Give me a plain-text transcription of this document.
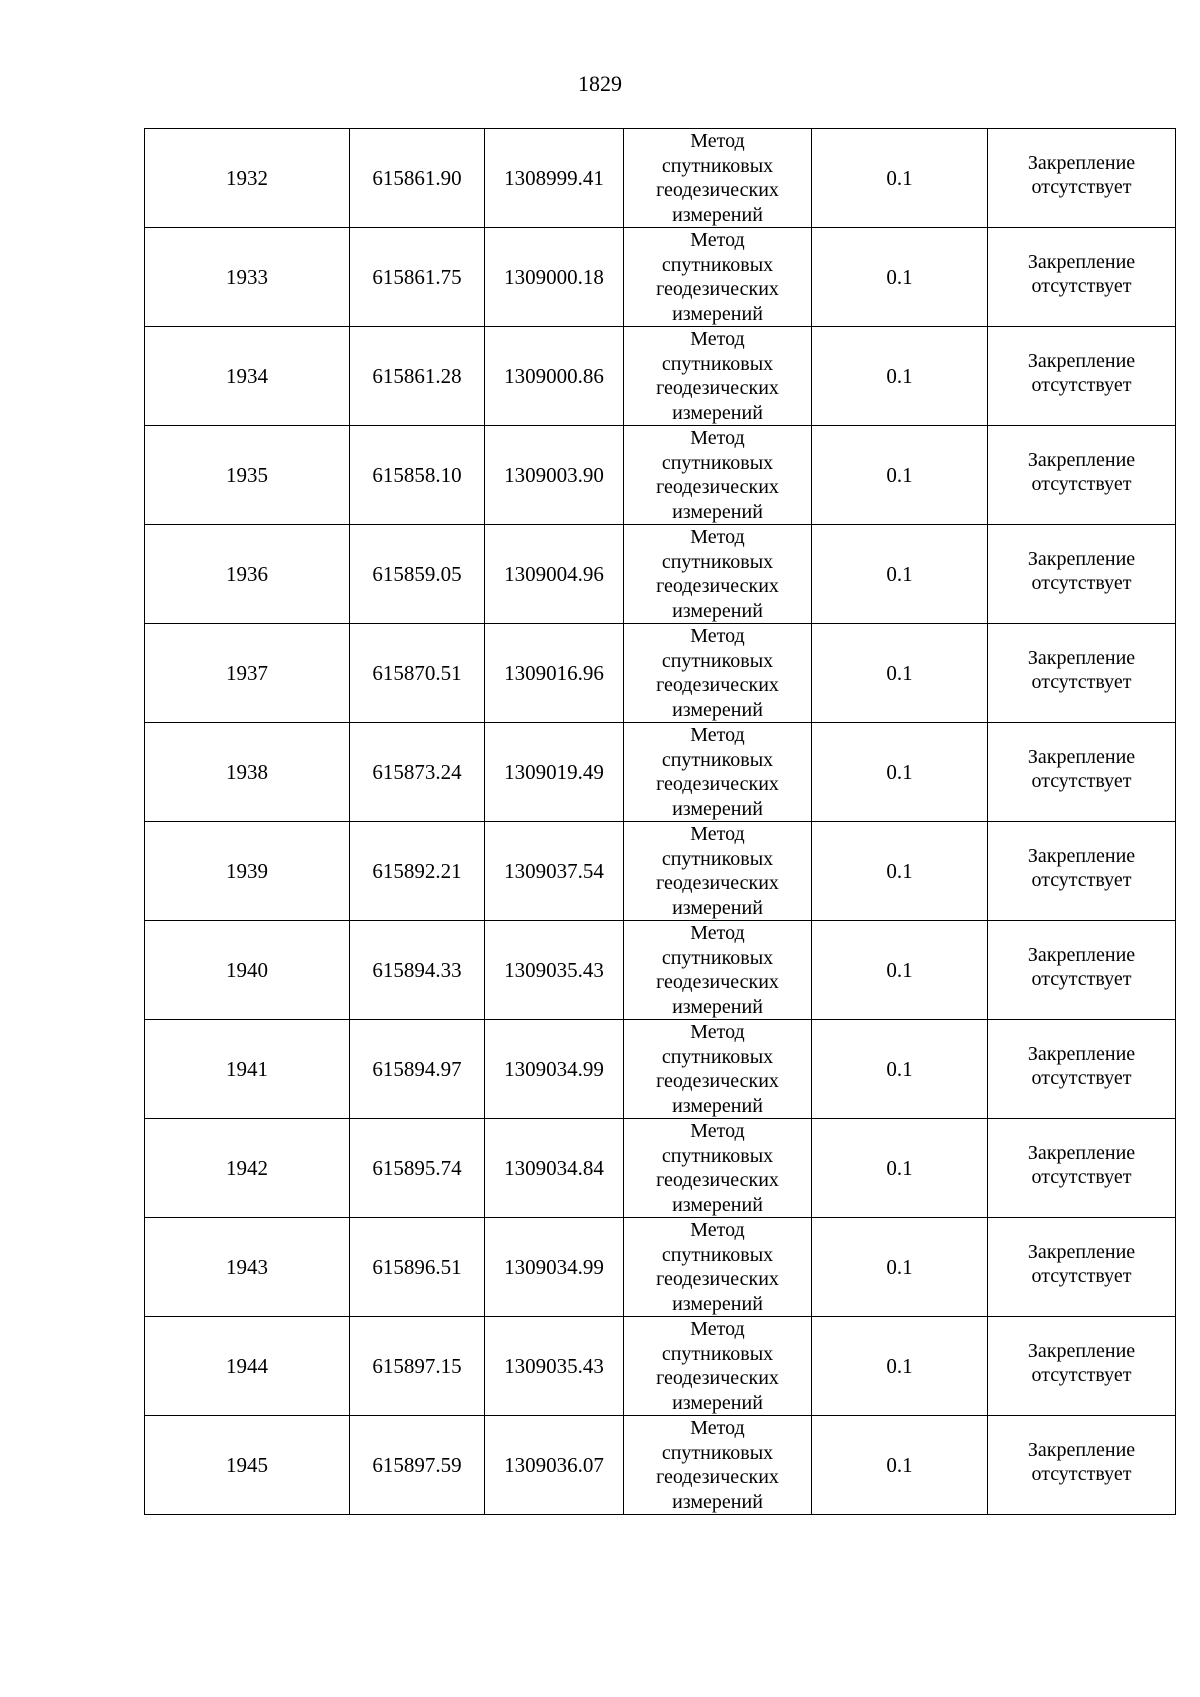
1829
1932	615861.90	1308999.41	Метод
спутниковых
геодезических
измерений	0.1	Закрепление
отсутствует

1933	615861.75	1309000.18	Метод
спутниковых
геодезических
измерений	0.1	Закрепление
отсутствует

1934	615861.28	1309000.86	Метод
спутниковых
геодезических
измерений	0.1	Закрепление
отсутствует

1935	615858.10	1309003.90	Метод
спутниковых
геодезических
измерений	0.1	Закрепление
отсутствует

1936	615859.05	1309004.96	Метод
спутниковых
геодезических
измерений	0.1	Закрепление
отсутствует

1937	615870.51	1309016.96	Метод
спутниковых
геодезических
измерений	0.1	Закрепление
отсутствует

1938	615873.24	1309019.49	Метод
спутниковых
геодезических
измерений	0.1	Закрепление
отсутствует

1939	615892.21	1309037.54	Метод
спутниковых
геодезических
измерений	0.1	Закрепление
отсутствует

1940	615894.33	1309035.43	Метод
спутниковых
геодезических
измерений	0.1	Закрепление
отсутствует

1941	615894.97	1309034.99	Метод
спутниковых
геодезических
измерений	0.1	Закрепление
отсутствует

1942	615895.74	1309034.84	Метод
спутниковых
геодезических
измерений	0.1	Закрепление
отсутствует

1943	615896.51	1309034.99	Метод
спутниковых
геодезических
измерений	0.1	Закрепление
отсутствует

1944	615897.15	1309035.43	Метод
спутниковых
геодезических
измерений	0.1	Закрепление
отсутствует

1945	615897.59	1309036.07	Метод
спутниковых
геодезических
измерений	0.1	Закрепление
отсутствует
